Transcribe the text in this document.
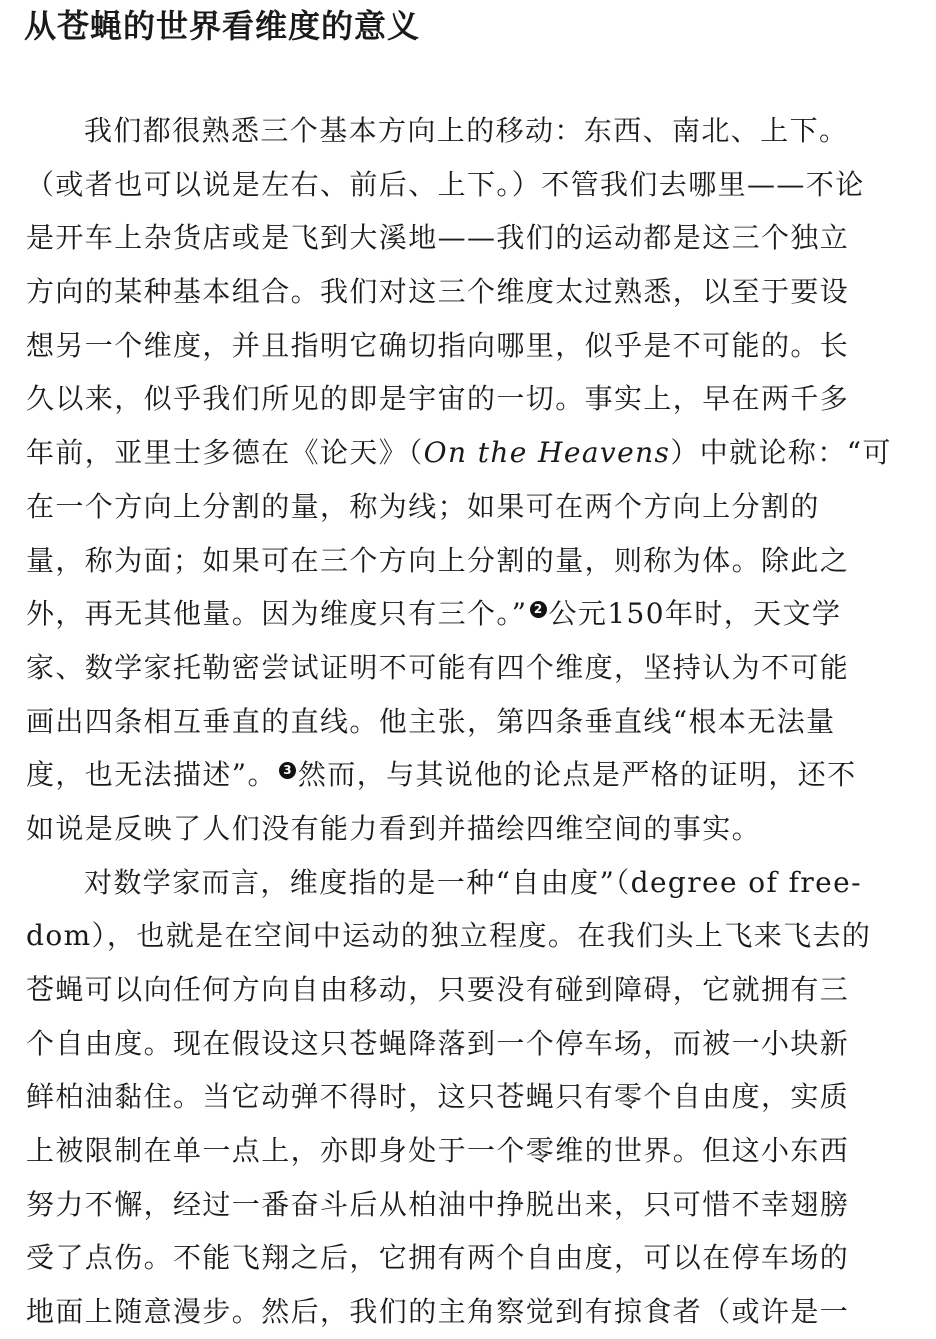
从苍蝇的世界看维度的意义
我们都很熟悉三个基本方向上的移动：东西、南北、上下。
（或者也可以说是左右、前后、上下。）不管我们去哪里——不论
是开车上杂货店或是飞到大溪地——我们的运动都是这三个独立
方向的某种基本组合。我们对这三个维度太过熟悉，以至于要设
想另一个维度，并且指明它确切指向哪里，似乎是不可能的。长
久以来，似乎我们所见的即是宇宙的一切。事实上，早在两千多
年前，亚里士多德在《论天》（On the Heavens）中就论称：“可
在一个方向上分割的量，称为线；如果可在两个方向上分割的
量，称为面；如果可在三个方向上分割的量，则称为体。除此之
外，再无其他量。因为维度只有三个。” 2 公元150年时，天文学
家、数学家托勒密尝试证明不可能有四个维度，坚持认为不可能
画出四条相互垂直的直线。他主张，第四条垂直线“根本无法量
度，也无法描述”。 3 然而，与其说他的论点是严格的证明，还不
如说是反映了人们没有能力看到并描绘四维空间的事实。
对数学家而言，维度指的是一种“自由度”（degree of free-
dom），也就是在空间中运动的独立程度。在我们头上飞来飞去的
苍蝇可以向任何方向自由移动，只要没有碰到障碍，它就拥有三
个自由度。现在假设这只苍蝇降落到一个停车场，而被一小块新
鲜柏油黏住。当它动弹不得时，这只苍蝇只有零个自由度，实质
上被限制在单一点上，亦即身处于一个零维的世界。但这小东西
努力不懈，经过一番奋斗后从柏油中挣脱出来，只可惜不幸翅膀
受了点伤。不能飞翔之后，它拥有两个自由度，可以在停车场的
地面上随意漫步。然后，我们的主角察觉到有掠食者（或许是一
